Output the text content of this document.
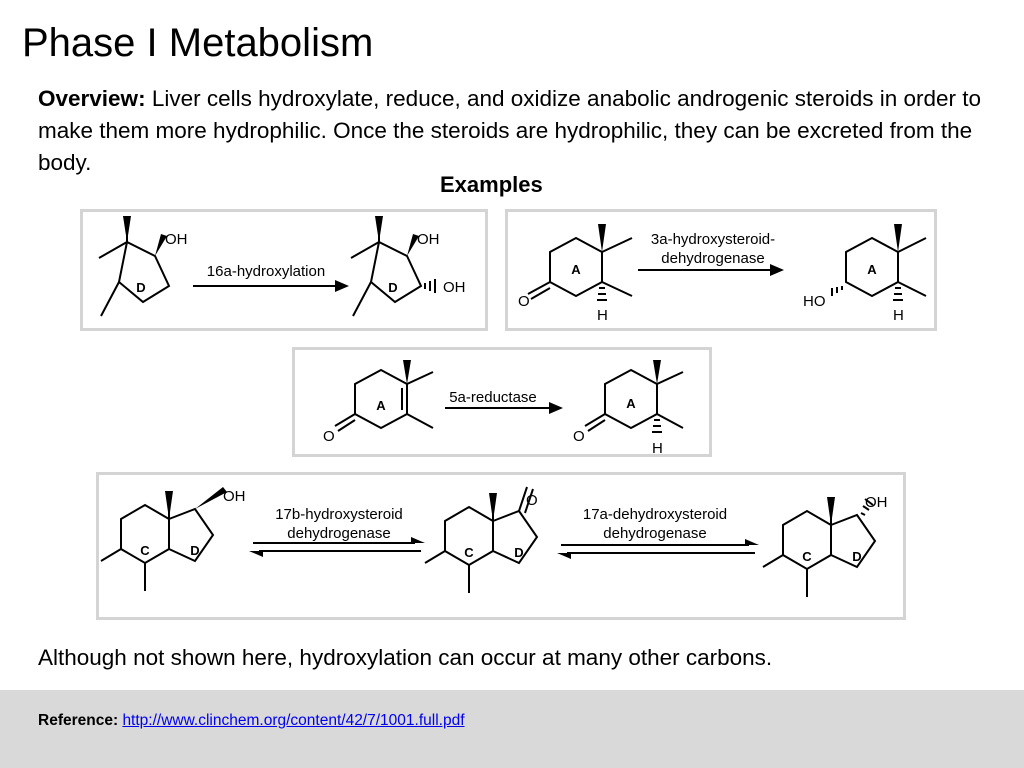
Phase I Metabolism

Overview: Liver cells hydroxylate, reduce, and oxidize anabolic androgenic steroids in order to make them more hydrophilic. Once the steroids are hydrophilic, they can be excreted from the body.

Examples
OH
D
16a-hydroxylation
OH
D	OH
A
O
H
3a-hydroxysteroid-
dehydrogenase
A
HO
H
A
O
5a-reductase	A
O
H
C	D
OH
17b-hydroxysteroid
dehydrogenase
C	D
O
17a-dehydroxysteroid
dehydrogenase
C	D
OH

Although not shown here, hydroxylation can occur at many other carbons.

Reference: http://www.clinchem.org/content/42/7/1001.full.pdf
